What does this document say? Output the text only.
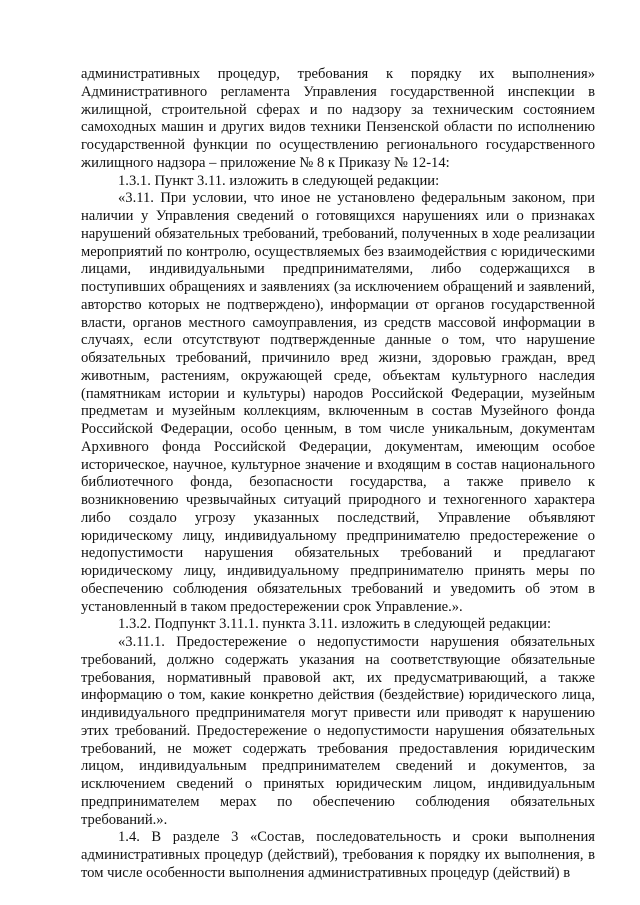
административных процедур, требования к порядку их выполнения» Административного регламента Управления государственной инспекции в жилищной, строительной сферах и по надзору за техническим состоянием самоходных машин и других видов техники Пензенской области по исполнению государственной функции по осуществлению регионального государственного жилищного надзора – приложение № 8 к Приказу № 12-14:

1.3.1. Пункт 3.11. изложить в следующей редакции:

«3.11. При условии, что иное не установлено федеральным законом, при наличии у Управления сведений о готовящихся нарушениях или о признаках нарушений обязательных требований, требований, полученных в ходе реализации мероприятий по контролю, осуществляемых без взаимодействия с юридическими лицами, индивидуальными предпринимателями, либо содержащихся в поступивших обращениях и заявлениях (за исключением обращений и заявлений, авторство которых не подтверждено), информации от органов государственной власти, органов местного самоуправления, из средств массовой информации в случаях, если отсутствуют подтвержденные данные о том, что нарушение обязательных требований, причинило вред жизни, здоровью граждан, вред животным, растениям, окружающей среде, объектам культурного наследия (памятникам истории и культуры) народов Российской Федерации, музейным предметам и музейным коллекциям, включенным в состав Музейного фонда Российской Федерации, особо ценным, в том числе уникальным, документам Архивного фонда Российской Федерации, документам, имеющим особое историческое, научное, культурное значение и входящим в состав национального библиотечного фонда, безопасности государства, а также привело к возникновению чрезвычайных ситуаций природного и техногенного характера либо создало угрозу указанных последствий, Управление объявляют юридическому лицу, индивидуальному предпринимателю предостережение о недопустимости нарушения обязательных требований и предлагают юридическому лицу, индивидуальному предпринимателю принять меры по обеспечению соблюдения обязательных требований и уведомить об этом в установленный в таком предостережении срок Управление.».

1.3.2. Подпункт 3.11.1. пункта 3.11. изложить в следующей редакции:

«3.11.1. Предостережение о недопустимости нарушения обязательных требований, должно содержать указания на соответствующие обязательные требования, нормативный правовой акт, их предусматривающий, а также информацию о том, какие конкретно действия (бездействие) юридического лица, индивидуального предпринимателя могут привести или приводят к нарушению этих требований. Предостережение о недопустимости нарушения обязательных требований, не может содержать требования предоставления юридическим лицом, индивидуальным предпринимателем сведений и документов, за исключением сведений о принятых юридическим лицом, индивидуальным предпринимателем мерах по обеспечению соблюдения обязательных требований.».

1.4. В разделе 3 «Состав, последовательность и сроки выполнения административных процедур (действий), требования к порядку их выполнения, в том числе особенности выполнения административных процедур (действий) в
